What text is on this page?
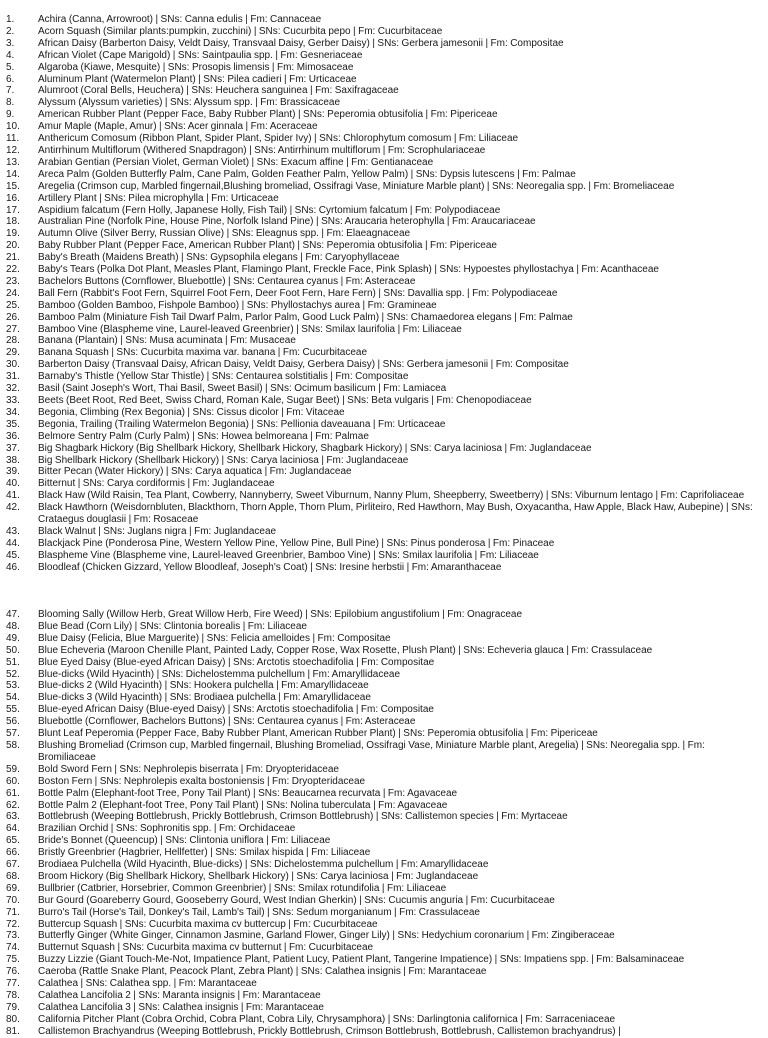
1.	Achira (Canna, Arrowroot) | SNs: Canna edulis | Fm: Cannaceae
2.	Acorn Squash (Similar plants:pumpkin, zucchini) | SNs: Cucurbita pepo | Fm: Cucurbitaceae
3.	African Daisy (Barberton Daisy, Veldt Daisy, Transvaal Daisy, Gerber Daisy) | SNs: Gerbera jamesonii | Fm: Compositae
4.	African Violet (Cape Marigold) | SNs: Saintpaulia spp. | Fm: Gesneriaceae
5.	Algaroba (Kiawe, Mesquite) | SNs: Prosopis limensis | Fm: Mimosaceae
6.	Aluminum Plant (Watermelon Plant) | SNs: Pilea cadieri | Fm: Urticaceae
7.	Alumroot (Coral Bells, Heuchera) | SNs: Heuchera sanguinea | Fm: Saxifragaceae
8.	Alyssum (Alyssum varieties) | SNs: Alyssum spp. | Fm: Brassicaceae
9.	American Rubber Plant (Pepper Face, Baby Rubber Plant) | SNs: Peperomia obtusifolia | Fm: Pipericeae
10.	Amur Maple (Maple, Amur) | SNs: Acer ginnala | Fm: Aceraceae
11.	Anthericum Comosum (Ribbon Plant, Spider Plant, Spider Ivy) | SNs: Chlorophytum comosum | Fm: Liliaceae
12.	Antirrhinum Multiflorum (Withered Snapdragon) | SNs: Antirrhinum multiflorum | Fm: Scrophulariaceae
13.	Arabian Gentian (Persian Violet, German Violet) | SNs: Exacum affine | Fm: Gentianaceae
14.	Areca Palm (Golden Butterfly Palm, Cane Palm, Golden Feather Palm, Yellow Palm) | SNs: Dypsis lutescens | Fm: Palmae
15.	Aregelia (Crimson cup, Marbled fingernail,Blushing bromeliad, Ossifragi Vase, Miniature Marble plant) | SNs: Neoregalia spp. | Fm: Bromeliaceae
16.	Artillery Plant | SNs: Pilea microphylla | Fm: Urticaceae
17.	Aspidium falcatum (Fern Holly, Japanese Holly, Fish Tail) | SNs: Cyrtomium falcatum | Fm: Polypodiaceae
18.	Australian Pine (Norfolk Pine, House Pine, Norfolk Island Pine) | SNs: Araucaria heterophylla | Fm: Araucariaceae
19.	Autumn Olive (Silver Berry, Russian Olive) | SNs: Eleagnus spp. | Fm: Elaeagnaceae
20.	Baby Rubber Plant (Pepper Face, American Rubber Plant) | SNs: Peperomia obtusifolia | Fm: Pipericeae
21.	Baby's Breath (Maidens Breath) | SNs: Gypsophila elegans | Fm: Caryophyllaceae
22.	Baby's Tears (Polka Dot Plant, Measles Plant, Flamingo Plant, Freckle Face, Pink Splash) | SNs: Hypoestes phyllostachya | Fm: Acanthaceae
23.	Bachelors Buttons (Cornflower, Bluebottle) | SNs: Centaurea cyanus | Fm: Asteraceae
24.	Ball Fern (Rabbit's Foot Fern, Squirrel Foot Fern, Deer Foot Fern, Hare Fern) | SNs: Davallia spp. | Fm: Polypodiaceae
25.	Bamboo (Golden Bamboo, Fishpole Bamboo) | SNs: Phyllostachys aurea | Fm: Gramineae
26.	Bamboo Palm (Miniature Fish Tail Dwarf Palm, Parlor Palm, Good Luck Palm) | SNs: Chamaedorea elegans | Fm: Palmae
27.	Bamboo Vine (Blaspheme vine, Laurel-leaved Greenbrier) | SNs: Smilax laurifolia | Fm: Liliaceae
28.	Banana (Plantain) | SNs: Musa acuminata | Fm: Musaceae
29.	Banana Squash | SNs: Cucurbita maxima var. banana | Fm: Cucurbitaceae
30.	Barberton Daisy (Transvaal Daisy, African Daisy, Veldt Daisy, Gerbera Daisy) | SNs: Gerbera jamesonii | Fm: Compositae
31.	Barnaby's Thistle (Yellow Star Thistle) | SNs: Centaurea solstitialis | Fm: Compositae
32.	Basil (Saint Joseph's Wort, Thai Basil, Sweet Basil) | SNs: Ocimum basilicum | Fm: Lamiacea
33.	Beets (Beet Root, Red Beet, Swiss Chard, Roman Kale, Sugar Beet) | SNs: Beta vulgaris | Fm: Chenopodiaceae
34.	Begonia, Climbing (Rex Begonia) | SNs: Cissus dicolor | Fm: Vitaceae
35.	Begonia, Trailing (Trailing Watermelon Begonia) | SNs: Pellionia daveauana | Fm: Urticaceae
36.	Belmore Sentry Palm (Curly Palm) | SNs: Howea belmoreana | Fm: Palmae
37.	Big Shagbark Hickory (Big Shellbark Hickory, Shellbark Hickory, Shagbark Hickory) | SNs: Carya laciniosa | Fm: Juglandaceae
38.	Big Shellbark Hickory (Shellbark Hickory) | SNs: Carya laciniosa | Fm: Juglandaceae
39.	Bitter Pecan (Water Hickory) | SNs: Carya aquatica | Fm: Juglandaceae
40.	Bitternut | SNs: Carya cordiformis | Fm: Juglandaceae
41.	Black Haw (Wild Raisin, Tea Plant, Cowberry, Nannyberry, Sweet Viburnum, Nanny Plum, Sheepberry, Sweetberry) | SNs: Viburnum lentago | Fm: Caprifoliaceae
42.	Black Hawthorn (Weisdornbluten, Blackthorn, Thorn Apple, Thorn Plum, Pirliteiro, Red Hawthorn, May Bush, Oxyacantha, Haw Apple, Black Haw, Aubepine) | SNs: Crataegus douglasii | Fm: Rosaceae
43.	Black Walnut | SNs: Juglans nigra | Fm: Juglandaceae
44.	Blackjack Pine (Ponderosa Pine, Western Yellow Pine, Yellow Pine, Bull Pine) | SNs: Pinus ponderosa | Fm: Pinaceae
45.	Blaspheme Vine (Blaspheme vine, Laurel-leaved Greenbrier, Bamboo Vine) | SNs: Smilax laurifolia | Fm: Liliaceae
46.	Bloodleaf (Chicken Gizzard, Yellow Bloodleaf, Joseph's Coat) | SNs: Iresine herbstii | Fm: Amaranthaceae
47.	Blooming Sally (Willow Herb, Great Willow Herb, Fire Weed) | SNs: Epilobium angustifolium | Fm: Onagraceae
48.	Blue Bead (Corn Lily) | SNs: Clintonia borealis | Fm: Liliaceae
49.	Blue Daisy (Felicia, Blue Marguerite) | SNs: Felicia amelloides | Fm: Compositae
50.	Blue Echeveria (Maroon Chenille Plant, Painted Lady, Copper Rose, Wax Rosette, Plush Plant) | SNs: Echeveria glauca | Fm: Crassulaceae
51.	Blue Eyed Daisy (Blue-eyed African Daisy) | SNs: Arctotis stoechadifolia | Fm: Compositae
52.	Blue-dicks (Wild Hyacinth) | SNs: Dichelostemma pulchellum | Fm: Amaryllidaceae
53.	Blue-dicks 2 (Wild Hyacinth) | SNs: Hookera pulchella | Fm: Amaryllidaceae
54.	Blue-dicks 3 (Wild Hyacinth) | SNs: Brodiaea pulchella | Fm: Amaryllidaceae
55.	Blue-eyed African Daisy (Blue-eyed Daisy) | SNs: Arctotis stoechadifolia | Fm: Compositae
56.	Bluebottle (Cornflower, Bachelors Buttons) | SNs: Centaurea cyanus | Fm: Asteraceae
57.	Blunt Leaf Peperomia (Pepper Face, Baby Rubber Plant, American Rubber Plant) | SNs: Peperomia obtusifolia | Fm: Pipericeae
58.	Blushing Bromeliad (Crimson cup, Marbled fingernail, Blushing Bromeliad, Ossifragi Vase, Miniature Marble plant, Aregelia) | SNs: Neoregalia spp. | Fm: Bromiliaceae
59.	Bold Sword Fern | SNs: Nephrolepis biserrata | Fm: Dryopteridaceae
60.	Boston Fern | SNs: Nephrolepis exalta bostoniensis | Fm: Dryopteridaceae
61.	Bottle Palm (Elephant-foot Tree, Pony Tail Plant) | SNs: Beaucarnea recurvata | Fm: Agavaceae
62.	Bottle Palm 2 (Elephant-foot Tree, Pony Tail Plant) | SNs: Nolina tuberculata | Fm: Agavaceae
63.	Bottlebrush (Weeping Bottlebrush, Prickly Bottlebrush, Crimson Bottlebrush) | SNs: Callistemon species | Fm: Myrtaceae
64.	Brazilian Orchid | SNs: Sophronitis spp. | Fm: Orchidaceae
65.	Bride's Bonnet (Queencup) | SNs: Clintonia uniflora | Fm: Liliaceae
66.	Bristly Greenbrier (Hagbrier, Hellfetter) | SNs: Smilax hispida | Fm: Liliaceae
67.	Brodiaea Pulchella (Wild Hyacinth, Blue-dicks) | SNs: Dichelostemma pulchellum | Fm: Amaryllidaceae
68.	Broom Hickory (Big Shellbark Hickory, Shellbark Hickory) | SNs: Carya laciniosa | Fm: Juglandaceae
69.	Bullbrier (Catbrier, Horsebrier, Common Greenbrier) | SNs: Smilax rotundifolia | Fm: Liliaceae
70.	Bur Gourd (Goareberry Gourd, Gooseberry Gourd, West Indian Gherkin) | SNs: Cucumis anguria | Fm: Cucurbitaceae
71.	Burro's Tail (Horse's Tail, Donkey's Tail, Lamb's Tail) | SNs: Sedum morganianum | Fm: Crassulaceae
72.	Buttercup Squash | SNs: Cucurbita maxima cv buttercup | Fm: Cucurbitaceae
73.	Butterfly Ginger (White Ginger, Cinnamon Jasmine, Garland Flower, Ginger Lily) | SNs: Hedychium coronarium | Fm: Zingiberaceae
74.	Butternut Squash | SNs: Cucurbita maxima cv butternut | Fm: Cucurbitaceae
75.	Buzzy Lizzie (Giant Touch-Me-Not, Impatience Plant, Patient Lucy, Patient Plant, Tangerine Impatience) | SNs: Impatiens spp. | Fm: Balsaminaceae
76.	Caeroba (Rattle Snake Plant, Peacock Plant, Zebra Plant) | SNs: Calathea insignis | Fm: Marantaceae
77.	Calathea | SNs: Calathea spp. | Fm: Marantaceae
78.	Calathea Lancifolia 2 | SNs: Maranta insignis | Fm: Marantaceae
79.	Calathea Lancifolia 3 | SNs: Calathea insignis | Fm: Marantaceae
80.	California Pitcher Plant (Cobra Orchid, Cobra Plant, Cobra Lily, Chrysamphora) | SNs: Darlingtonia californica | Fm: Sarraceniaceae
81.	Callistemon Brachyandrus (Weeping Bottlebrush, Prickly Bottlebrush, Crimson Bottlebrush, Bottlebrush, Callistemon brachyandrus) |
